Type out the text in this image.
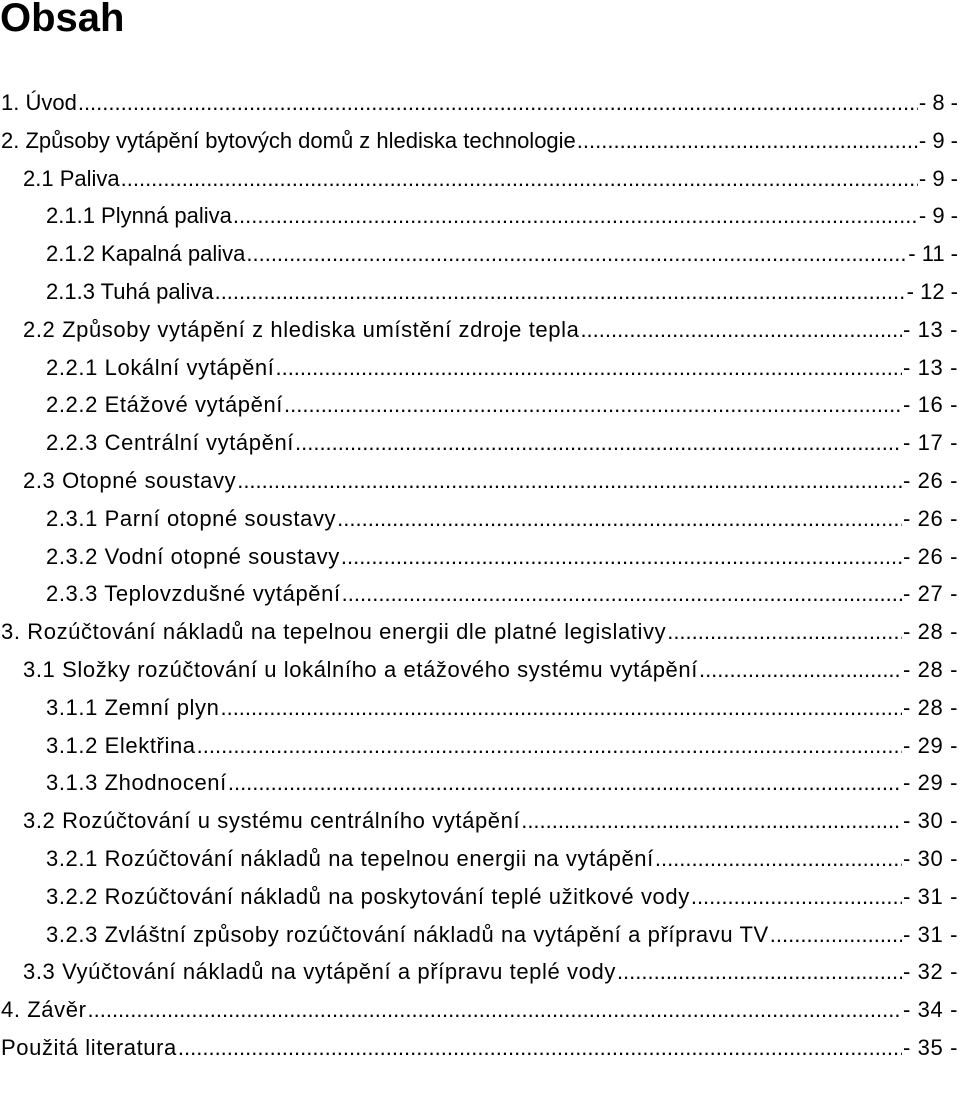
Obsah
1. Úvod .....	- 8 -
2. Způsoby vytápění bytových domů z hlediska technologie .....	- 9 -
2.1 Paliva .....	- 9 -
2.1.1 Plynná paliva .....	- 9 -
2.1.2 Kapalná paliva .....	- 11 -
2.1.3 Tuhá paliva .....	- 12 -
2.2 Způsoby vytápění z hlediska umístění zdroje tepla .....	- 13 -
2.2.1 Lokální vytápění .....	- 13 -
2.2.2 Etážové vytápění .....	- 16 -
2.2.3 Centrální vytápění .....	- 17 -
2.3 Otopné soustavy .....	- 26 -
2.3.1 Parní otopné soustavy .....	- 26 -
2.3.2 Vodní otopné soustavy .....	- 26 -
2.3.3 Teplovzdušné vytápění .....	- 27 -
3. Rozúčtování nákladů na tepelnou energii dle platné legislativy .....	- 28 -
3.1 Složky rozúčtování u lokálního a etážového systému vytápění .....	- 28 -
3.1.1 Zemní plyn .....	- 28 -
3.1.2 Elektřina .....	- 29 -
3.1.3 Zhodnocení .....	- 29 -
3.2 Rozúčtování u systému centrálního vytápění .....	- 30 -
3.2.1 Rozúčtování nákladů na tepelnou energii na vytápění .....	- 30 -
3.2.2 Rozúčtování nákladů na poskytování teplé užitkové vody .....	- 31 -
3.2.3 Zvláštní způsoby rozúčtování nákladů na vytápění a přípravu TV .....	- 31 -
3.3 Vyúčtování nákladů na vytápění a přípravu teplé vody .....	- 32 -
4. Závěr .....	- 34 -
Použitá literatura .....	- 35 -
